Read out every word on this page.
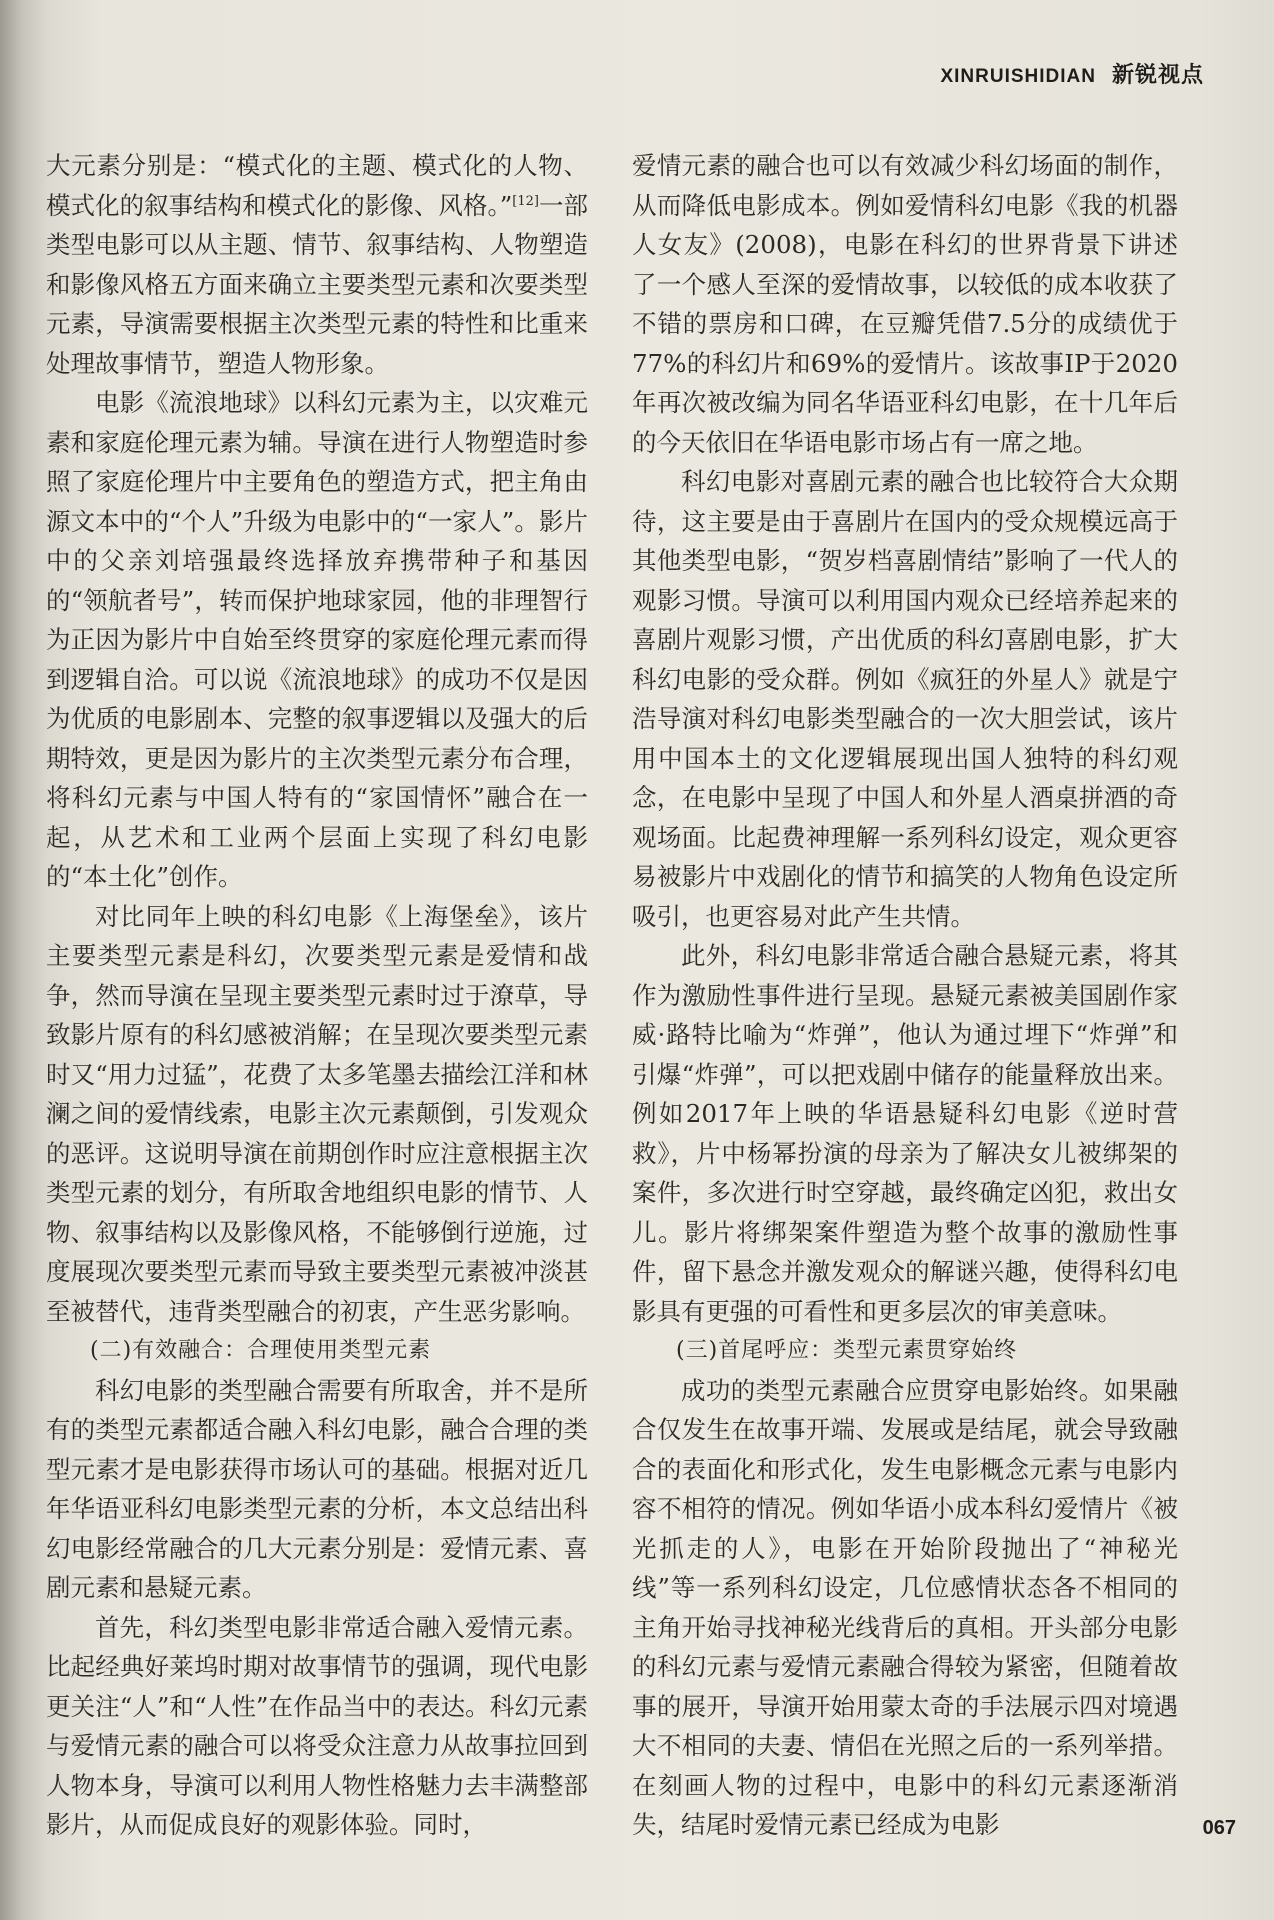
XINRUISHIDIAN 新锐视点

大元素分别是：“模式化的主题、模式化的人物、模式化的叙事结构和模式化的影像、风格。”[12]一部类型电影可以从主题、情节、叙事结构、人物塑造和影像风格五方面来确立主要类型元素和次要类型元素，导演需要根据主次类型元素的特性和比重来处理故事情节，塑造人物形象。

电影《流浪地球》以科幻元素为主，以灾难元素和家庭伦理元素为辅。导演在进行人物塑造时参照了家庭伦理片中主要角色的塑造方式，把主角由源文本中的“个人”升级为电影中的“一家人”。影片中的父亲刘培强最终选择放弃携带种子和基因的“领航者号”，转而保护地球家园，他的非理智行为正因为影片中自始至终贯穿的家庭伦理元素而得到逻辑自洽。可以说《流浪地球》的成功不仅是因为优质的电影剧本、完整的叙事逻辑以及强大的后期特效，更是因为影片的主次类型元素分布合理，将科幻元素与中国人特有的“家国情怀”融合在一起，从艺术和工业两个层面上实现了科幻电影的“本土化”创作。

对比同年上映的科幻电影《上海堡垒》，该片主要类型元素是科幻，次要类型元素是爱情和战争，然而导演在呈现主要类型元素时过于潦草，导致影片原有的科幻感被消解；在呈现次要类型元素时又“用力过猛”，花费了太多笔墨去描绘江洋和林澜之间的爱情线索，电影主次元素颠倒，引发观众的恶评。这说明导演在前期创作时应注意根据主次类型元素的划分，有所取舍地组织电影的情节、人物、叙事结构以及影像风格，不能够倒行逆施，过度展现次要类型元素而导致主要类型元素被冲淡甚至被替代，违背类型融合的初衷，产生恶劣影响。

(二)有效融合：合理使用类型元素

科幻电影的类型融合需要有所取舍，并不是所有的类型元素都适合融入科幻电影，融合合理的类型元素才是电影获得市场认可的基础。根据对近几年华语亚科幻电影类型元素的分析，本文总结出科幻电影经常融合的几大元素分别是：爱情元素、喜剧元素和悬疑元素。

首先，科幻类型电影非常适合融入爱情元素。比起经典好莱坞时期对故事情节的强调，现代电影更关注“人”和“人性”在作品当中的表达。科幻元素与爱情元素的融合可以将受众注意力从故事拉回到人物本身，导演可以利用人物性格魅力去丰满整部影片，从而促成良好的观影体验。同时，

爱情元素的融合也可以有效减少科幻场面的制作，从而降低电影成本。例如爱情科幻电影《我的机器人女友》(2008)，电影在科幻的世界背景下讲述了一个感人至深的爱情故事，以较低的成本收获了不错的票房和口碑，在豆瓣凭借7.5分的成绩优于77%的科幻片和69%的爱情片。该故事IP于2020年再次被改编为同名华语亚科幻电影，在十几年后的今天依旧在华语电影市场占有一席之地。

科幻电影对喜剧元素的融合也比较符合大众期待，这主要是由于喜剧片在国内的受众规模远高于其他类型电影，“贺岁档喜剧情结”影响了一代人的观影习惯。导演可以利用国内观众已经培养起来的喜剧片观影习惯，产出优质的科幻喜剧电影，扩大科幻电影的受众群。例如《疯狂的外星人》就是宁浩导演对科幻电影类型融合的一次大胆尝试，该片用中国本土的文化逻辑展现出国人独特的科幻观念，在电影中呈现了中国人和外星人酒桌拼酒的奇观场面。比起费神理解一系列科幻设定，观众更容易被影片中戏剧化的情节和搞笑的人物角色设定所吸引，也更容易对此产生共情。

此外，科幻电影非常适合融合悬疑元素，将其作为激励性事件进行呈现。悬疑元素被美国剧作家威·路特比喻为“炸弹”，他认为通过埋下“炸弹”和引爆“炸弹”，可以把戏剧中储存的能量释放出来。例如2017年上映的华语悬疑科幻电影《逆时营救》，片中杨幂扮演的母亲为了解决女儿被绑架的案件，多次进行时空穿越，最终确定凶犯，救出女儿。影片将绑架案件塑造为整个故事的激励性事件，留下悬念并激发观众的解谜兴趣，使得科幻电影具有更强的可看性和更多层次的审美意味。

(三)首尾呼应：类型元素贯穿始终

成功的类型元素融合应贯穿电影始终。如果融合仅发生在故事开端、发展或是结尾，就会导致融合的表面化和形式化，发生电影概念元素与电影内容不相符的情况。例如华语小成本科幻爱情片《被光抓走的人》，电影在开始阶段抛出了“神秘光线”等一系列科幻设定，几位感情状态各不相同的主角开始寻找神秘光线背后的真相。开头部分电影的科幻元素与爱情元素融合得较为紧密，但随着故事的展开，导演开始用蒙太奇的手法展示四对境遇大不相同的夫妻、情侣在光照之后的一系列举措。在刻画人物的过程中，电影中的科幻元素逐渐消失，结尾时爱情元素已经成为电影	067
